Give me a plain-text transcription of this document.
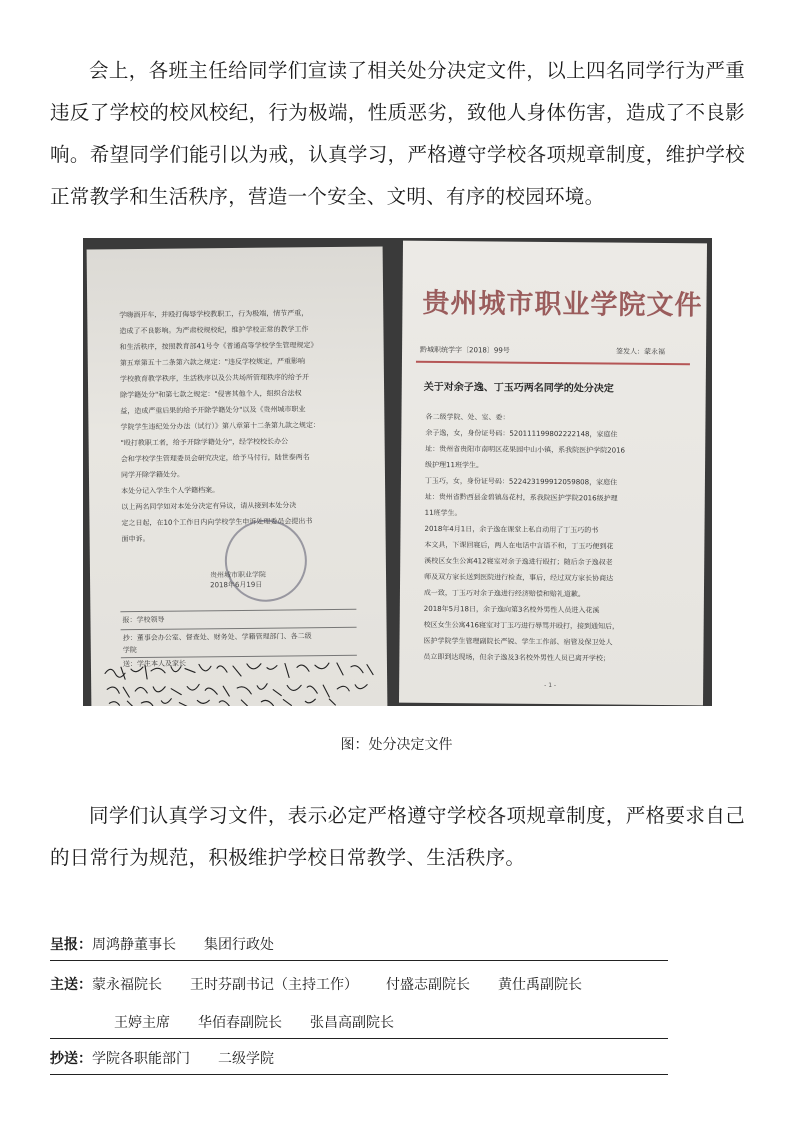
会上，各班主任给同学们宣读了相关处分决定文件，以上四名同学行为严重违反了学校的校风校纪，行为极端，性质恶劣，致他人身体伤害，造成了不良影响。希望同学们能引以为戒，认真学习，严格遵守学校各项规章制度，维护学校正常教学和生活秩序，营造一个安全、文明、有序的校园环境。

学嗨酒开车，并殴打侮辱学校教职工，行为极端，情节严重，
造成了不良影响。为严肃校规校纪，维护学校正常的教学工作
和生活秩序，按照教育部41号令《普通高等学校学生管理规定》
第五章第五十二条第六款之规定："违反学校规定，严重影响
学校教育教学秩序，生活秩序以及公共场所管理秩序的给予开
除学籍处分"和第七款之规定："侵害其他个人，组织合法权
益，造成严重后果的给予开除学籍处分"以及《贵州城市职业
学院学生违纪处分办法（试行）》第八章第十二条第九款之规定：
"殴打教职工者，给予开除学籍处分"，经学校校长办公
会和学校学生管理委员会研究决定，给予马付行，陆世泰两名
同学开除学籍处分。
本处分记入学生个人学籍档案。
以上两名同学如对本处分决定有异议，请从接到本处分决
定之日起，在10个工作日内向学校学生申诉处理委员会提出书
面申诉。
贵州城市职业学院
2018年6月19日
报：学校领导
抄：董事会办公室、督查处、财务处、学籍管理部门、各二级
学院
送：学生本人及家长
贵州城市职业学院文件
黔城职统学字〔2018〕99号	签发人：蒙永福
关于对余子逸、丁玉巧两名同学的处分决定
各二级学院、处、室、委：
余子逸，女，身份证号码：520111199802222148，家庭住
址：贵州省贵阳市南明区花果园中山小镇，系我院医护学院2016
级护理11班学生。
丁玉巧，女，身份证号码：522423199912059808，家庭住
址：贵州省黔西县金碧镇岛花村，系我院医护学院2016级护理
11班学生。
2018年4月1日，余子逸在课堂上私自动用了丁玉巧的书
本文具，下课回寝后，两人在电话中言语不和，丁玉巧便到花
溪校区女生公寓412寝室对余子逸进行殴打；随后余子逸叔老
师及双方家长送到医院进行检查，事后，经过双方家长协商达
成一致，丁玉巧对余子逸进行经济赔偿和赔礼道歉。
2018年5月18日，余子逸向第3名校外男性人员进入花溪
校区女生公寓416寝室对丁玉巧进行辱骂并殴打，接到通知后，
医护学院学生管理副院长严锐、学生工作部、宿管及保卫处人
员立即到达现场，但余子逸及3名校外男性人员已离开学校；
- 1 -
图：处分决定文件

同学们认真学习文件，表示必定严格遵守学校各项规章制度，严格要求自己的日常行为规范，积极维护学校日常教学、生活秩序。

呈报：周鸿静董事长 集团行政处
主送：蒙永福院长 王时芬副书记（主持工作） 付盛志副院长 黄仕禹副院长
王婷主席 华佰春副院长 张昌高副院长
抄送：学院各职能部门 二级学院
